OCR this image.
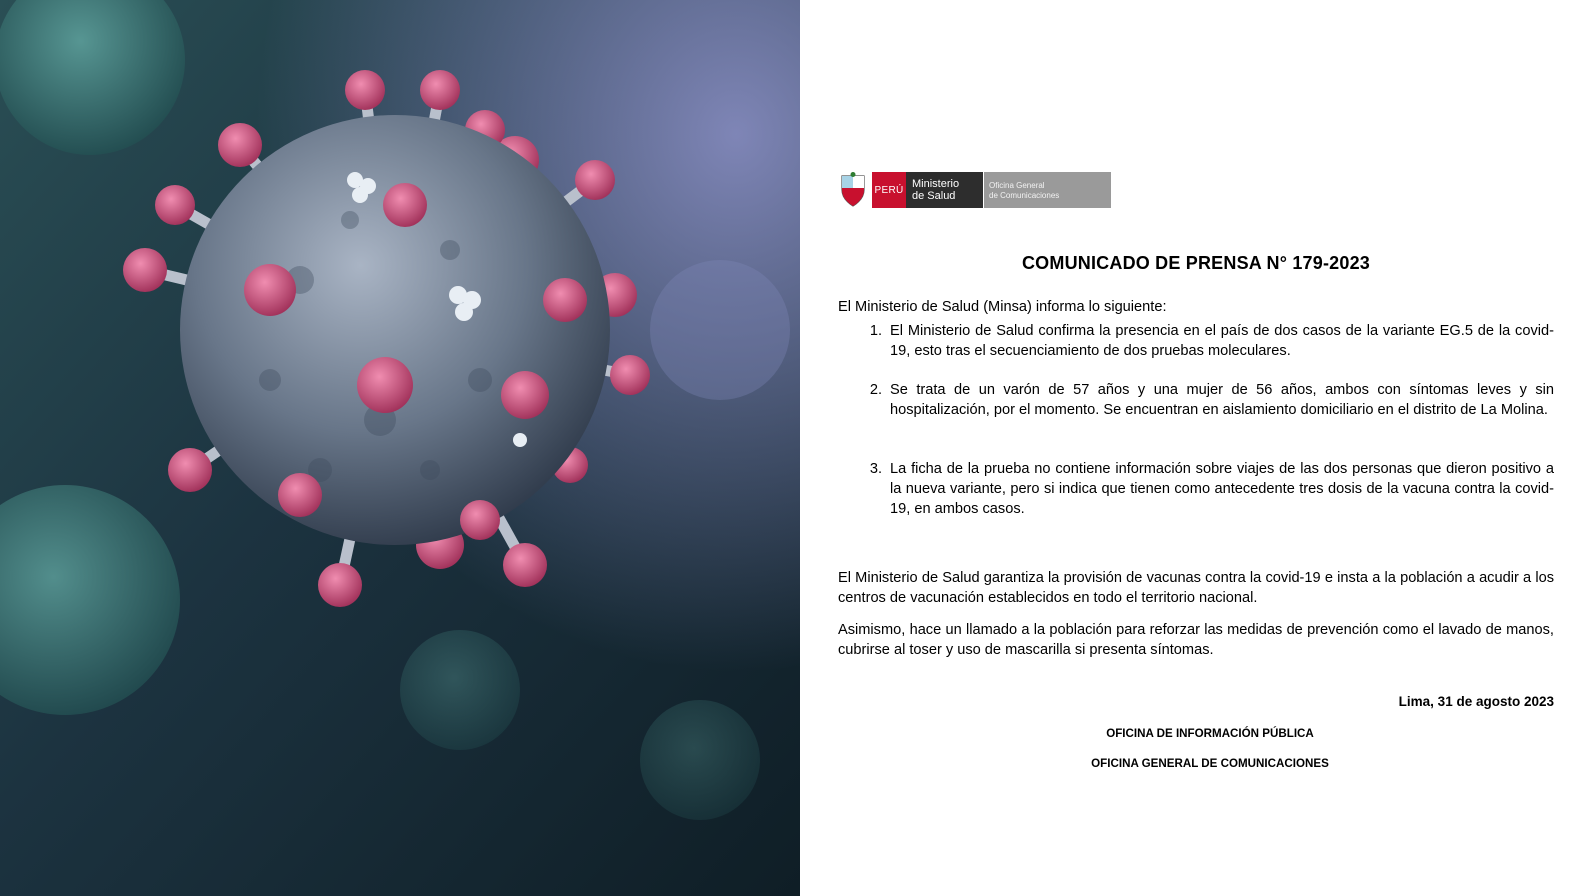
PERÚ Ministerio
de Salud
Oficina General
de Comunicaciones
COMUNICADO DE PRENSA N° 179-2023
El Ministerio de Salud (Minsa) informa lo siguiente:
1. El Ministerio de Salud confirma la presencia en el país de dos casos de la variante EG.5 de la covid-19, esto tras el secuenciamiento de dos pruebas moleculares.
2. Se trata de un varón de 57 años y una mujer de 56 años, ambos con síntomas leves y sin hospitalización, por el momento. Se encuentran en aislamiento domiciliario en el distrito de La Molina.
3. La ficha de la prueba no contiene información sobre viajes de las dos personas que dieron positivo a la nueva variante, pero si indica que tienen como antecedente tres dosis de la vacuna contra la covid-19, en ambos casos.
El Ministerio de Salud garantiza la provisión de vacunas contra la covid-19 e insta a la población a acudir a los centros de vacunación establecidos en todo el territorio nacional.
Asimismo, hace un llamado a la población para reforzar las medidas de prevención como el lavado de manos, cubrirse al toser y uso de mascarilla si presenta síntomas.
Lima, 31 de agosto 2023
OFICINA DE INFORMACIÓN PÚBLICA
OFICINA GENERAL DE COMUNICACIONES
